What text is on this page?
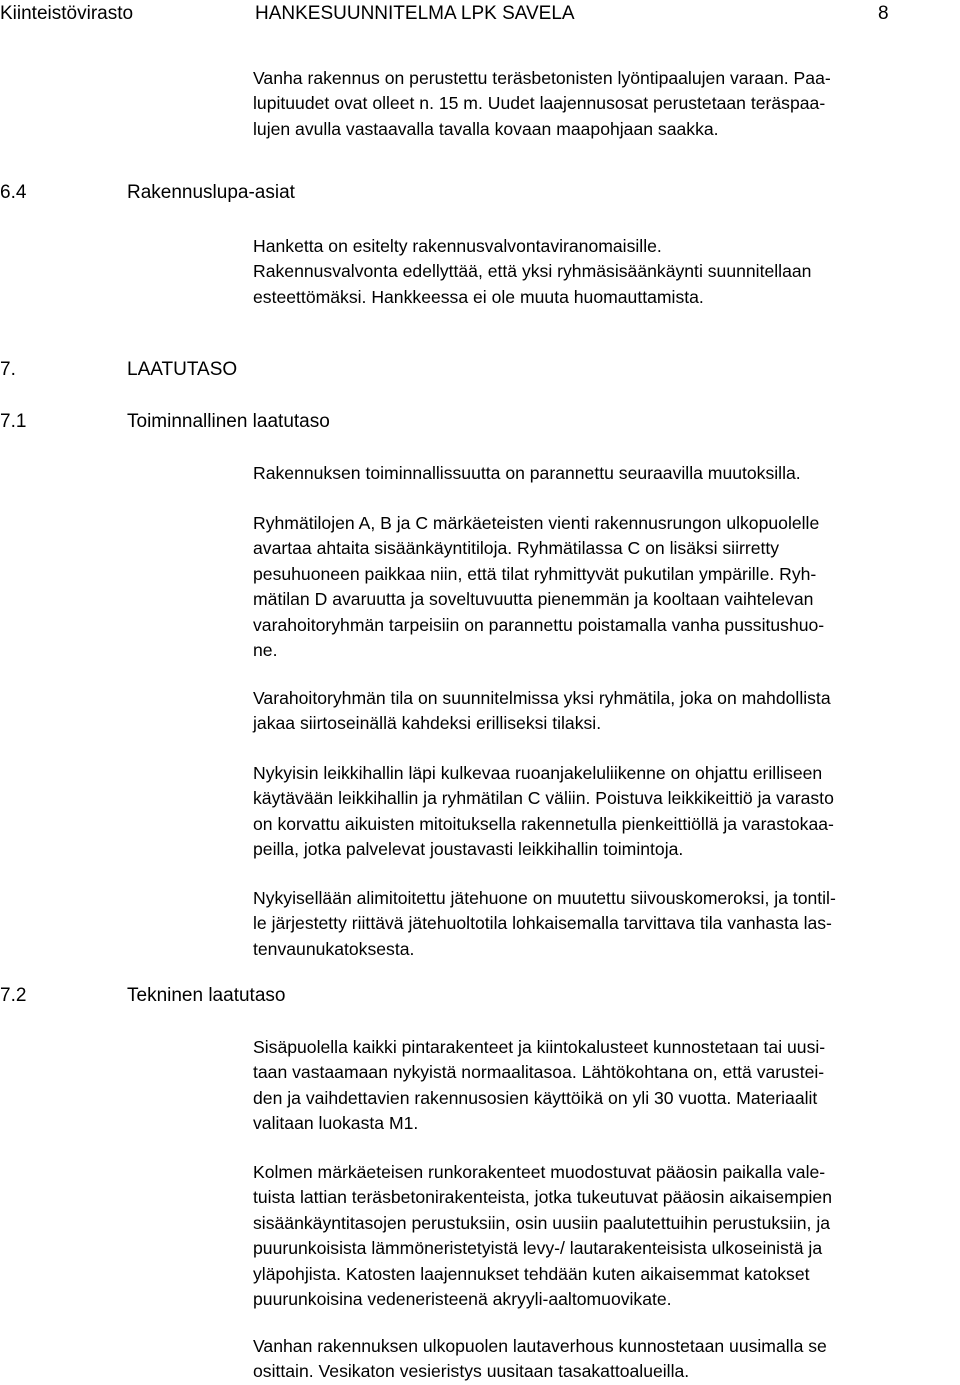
Kiinteistövirasto	HANKESUUNNITELMA LPK SAVELA	8
Vanha rakennus on perustettu teräsbetonisten lyöntipaalujen varaan. Paa-
lupituudet ovat olleet n. 15 m. Uudet laajennusosat perustetaan teräspaa-
lujen avulla vastaavalla tavalla kovaan maapohjaan saakka.
6.4	Rakennuslupa-asiat
Hanketta on esitelty rakennusvalvontaviranomaisille.
Rakennusvalvonta edellyttää, että yksi ryhmäsisäänkäynti suunnitellaan
esteettömäksi. Hankkeessa ei ole muuta huomauttamista.
7.	LAATUTASO
7.1	Toiminnallinen laatutaso
Rakennuksen toiminnallissuutta on parannettu seuraavilla muutoksilla.
Ryhmätilojen A, B ja C märkäeteisten vienti rakennusrungon ulkopuolelle
avartaa ahtaita sisäänkäyntitiloja. Ryhmätilassa C on lisäksi siirretty
pesuhuoneen paikkaa niin, että tilat ryhmittyvät pukutilan ympärille. Ryh-
mätilan D avaruutta ja soveltuvuutta pienemmän ja kooltaan vaihtelevan
varahoitoryhmän tarpeisiin on parannettu poistamalla vanha pussitushuo-
ne.
Varahoitoryhmän tila on suunnitelmissa yksi ryhmätila, joka on mahdollista
jakaa siirtoseinällä kahdeksi erilliseksi tilaksi.
Nykyisin leikkihallin läpi kulkevaa ruoanjakeluliikenne on ohjattu erilliseen
käytävään leikkihallin ja ryhmätilan C väliin. Poistuva leikkikeittiö ja varasto
on korvattu aikuisten mitoituksella rakennetulla pienkeittiöllä ja varastokaa-
peilla, jotka palvelevat joustavasti leikkihallin toimintoja.
Nykyisellään alimitoitettu jätehuone on muutettu siivouskomeroksi, ja tontil-
le järjestetty riittävä jätehuoltotila lohkaisemalla tarvittava tila vanhasta las-
tenvaunukatoksesta.
7.2	Tekninen laatutaso
Sisäpuolella kaikki pintarakenteet ja kiintokalusteet kunnostetaan tai uusi-
taan vastaamaan nykyistä normaalitasoa. Lähtökohtana on, että varustei-
den ja vaihdettavien rakennusosien käyttöikä on yli 30 vuotta. Materiaalit
valitaan luokasta M1.
Kolmen märkäeteisen runkorakenteet muodostuvat pääosin paikalla vale-
tuista lattian teräsbetonirakenteista, jotka tukeutuvat pääosin aikaisempien
sisäänkäyntitasojen perustuksiin, osin uusiin paalutettuihin perustuksiin, ja
puurunkoisista lämmöneristetyistä levy-/ lautarakenteisista ulkoseinistä ja
yläpohjista. Katosten laajennukset tehdään kuten aikaisemmat katokset
puurunkoisina vedeneristeenä akryyli-aaltomuovikate.
Vanhan rakennuksen ulkopuolen lautaverhous kunnostetaan uusimalla se
osittain. Vesikaton vesieristys uusitaan tasakattoalueilla.
